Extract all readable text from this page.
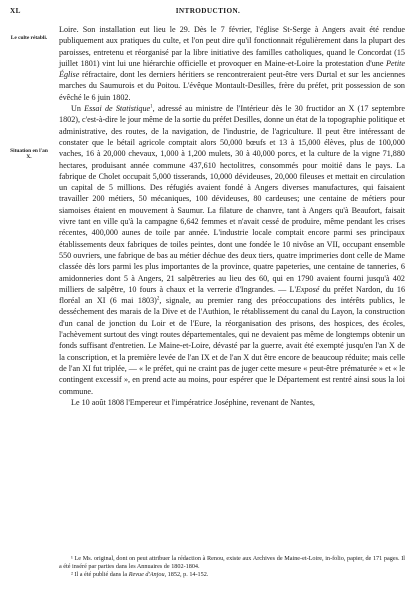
XL	INTRODUCTION.
Le culte rétabli.
Situation en l'an X.

Loire. Son installation eut lieu le 29. Dès le 7 février, l'église St-Serge à Angers avait été rendue publiquement aux pratiques du culte, et l'on peut dire qu'il fonctionnait régulièrement dans la plupart des paroisses, entretenu et réorganisé par la libre initiative des familles catholiques, quand le Concordat (15 juillet 1801) vint lui une hiérarchie officielle et provoquer en Maine-et-Loire la protestation d'une Petite Église réfractaire, dont les derniers héritiers se rencontreraient peut-être vers Durtal et sur les anciennes marches du Saumurois et du Poitou. L'évêque Montault-Desilles, frère du préfet, prit possession de son évêché le 6 juin 1802.

Un Essai de Statistique$^1$, adressé au ministre de l'Intérieur dès le 30 fructidor an X (17 septembre 1802), c'est-à-dire le jour même de la sortie du préfet Desilles, donne un état de la topographie politique et administrative, des routes, de la navigation, de l'industrie, de l'agriculture. Il peut être intéressant de constater que le bétail agricole comptait alors 50,000 bœufs et 13 à 15,000 élèves, plus de 100,000 vaches, 16 à 20,000 chevaux, 1,000 à 1,200 mulets, 30 à 40,000 porcs, et la culture de la vigne 71,880 hectares, produisant année commune 437,610 hectolitres, consommés pour moitié dans le pays. La fabrique de Cholet occupait 5,000 tisserands, 10,000 dévideuses, 20,000 fileuses et mettait en circulation un capital de 5 millions. Des réfugiés avaient fondé à Angers diverses manufactures, qui faisaient travailler 200 métiers, 50 mécaniques, 100 dévideuses, 80 cardeuses; une centaine de métiers pour siamoises étaient en mouvement à Saumur. La filature de chanvre, tant à Angers qu'à Beaufort, faisait vivre tant en ville qu'à la campagne 6,642 femmes et n'avait cessé de produire, même pendant les crises récentes, 400,000 aunes de toile par année. L'industrie locale comptait encore parmi ses principaux établissements deux fabriques de toiles peintes, dont une fondée le 10 nivôse an VII, occupant ensemble 550 ouvriers, une fabrique de bas au métier déchue des deux tiers, quatre imprimeries dont celle de Mame classée dès lors parmi les plus importantes de la province, quatre papeteries, une centaine de tanneries, 6 amidonneries dont 5 à Angers, 21 salpêtreries au lieu des 60, qui en 1790 avaient fourni jusqu'à 402 milliers de salpêtre, 10 fours à chaux et la verrerie d'Ingrandes. — L'Exposé du préfet Nardon, du 16 floréal an XI (6 mai 1803)$^2$, signale, au premier rang des préoccupations des intérêts publics, le desséchement des marais de la Dive et de l'Authion, le rétablissement du canal du Layon, la construction d'un canal de jonction du Loir et de l'Eure, la réorganisation des prisons, des hospices, des écoles, l'achèvement surtout des vingt routes départementales, qui ne devaient pas même de longtemps obtenir un fonds suffisant d'entretien. Le Maine-et-Loire, dévasté par la guerre, avait été exempté jusqu'en l'an X de la conscription, et la première levée de l'an IX et de l'an X dut être encore de beaucoup réduite; mais celle de l'an XI fut triplée, — « le préfet, qui ne craint pas de juger cette mesure « peut-être prématurée » et « le contingent excessif », en prend acte au moins, pour espérer que le Département est rentré ainsi sous la loi commune.

Le 10 août 1808 l'Empereur et l'impératrice Joséphine, revenant de Nantes,

¹ Le Ms. original, dont on peut attribuer la rédaction à Renou, existe aux Archives de Maine-et-Loire, in-folio, papier, de 171 pages. Il a été inséré par parties dans les Annuaires de 1802-1804.

² Il a été publié dans la Revue d'Anjou, 1852, p. 14-152.
